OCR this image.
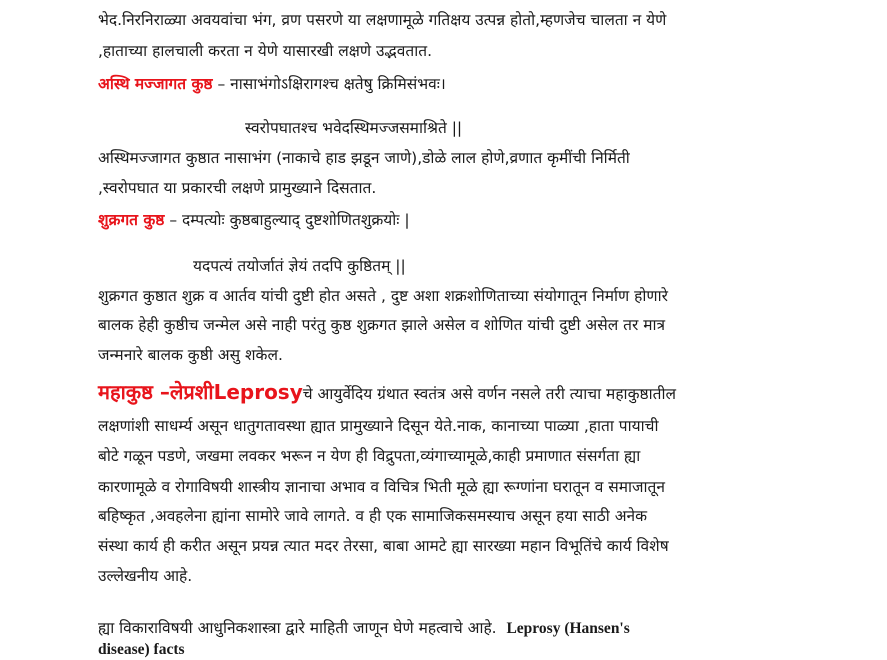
भेद.निरनिराळ्या अवयवांचा भंग, व्रण पसरणे या लक्षणामूळे गतिक्षय उत्पन्न होतो,म्हणजेच चालता न येणे
,हाताच्या हालचाली करता न येणे यासारखी लक्षणे उद्भवतात.
अस्थि मज्जागत कुष्ठ – नासाभंगोऽक्षिरागश्च क्षतेषु क्रिमिसंभवः।
स्वरोपघातश्च भवेदस्थिमज्जसमाश्रिते ||
अस्थिमज्जागत कुष्ठात नासाभंग (नाकाचे हाड झडून जाणे),डोळे लाल होणे,व्रणात कृमींची निर्मिती
,स्वरोपघात या प्रकारची लक्षणे प्रामुख्याने दिसतात.
शुक्रगत कुष्ठ – दम्पत्योः कुष्ठबाहुल्याद् दुष्टशोणितशुक्रयोः |
यदपत्यं तयोर्जातं ज्ञेयं तदपि कुष्ठितम् ||
शुक्रगत कुष्ठात शुक्र व आर्तव यांची दुष्टी होत असते , दुष्ट अशा शक्रशोणिताच्या संयोगातून निर्माण होणारे
बालक हेही कुष्ठीच जन्मेल असे नाही परंतु कुष्ठ शुक्रगत झाले असेल व शोणित यांची दुष्टी असेल तर मात्र
जन्मनारे बालक कुष्ठी असु शकेल.
महाकुष्ठ –लेप्रशीLeprosyचे आयुर्वेदिय ग्रंथात स्वतंत्र असे वर्णन नसले तरी त्याचा महाकुष्ठातील
लक्षणांशी साधर्म्य असून धातुगतावस्था ह्यात प्रामुख्याने दिसून येते.नाक, कानाच्या पाळ्या ,हाता पायाची
बोटे गळून पडणे, जखमा लवकर भरून न येण ही विद्रुपता,व्यंगाच्यामूळे,काही प्रमाणात संसर्गता ह्या
कारणामूळे व रोगाविषयी शास्त्रीय ज्ञानाचा अभाव व विचित्र भिती मूळे ह्या रूग्णांना घरातून व समाजातून
बहिष्कृत ,अवहलेना ह्यांना सामोरे जावे लागते. व ही एक सामाजिकसमस्याच असून हया साठी अनेक
संस्था कार्य ही करीत असून प्रयन्न त्यात मदर तेरसा, बाबा आमटे ह्या सारख्या महान विभूतिंचे कार्य विशेष
उल्लेखनीय आहे.
ह्या विकाराविषयी आधुनिकशास्त्रा द्वारे माहिती जाणून घेणे महत्वाचे आहे. Leprosy (Hansen's
disease) facts
